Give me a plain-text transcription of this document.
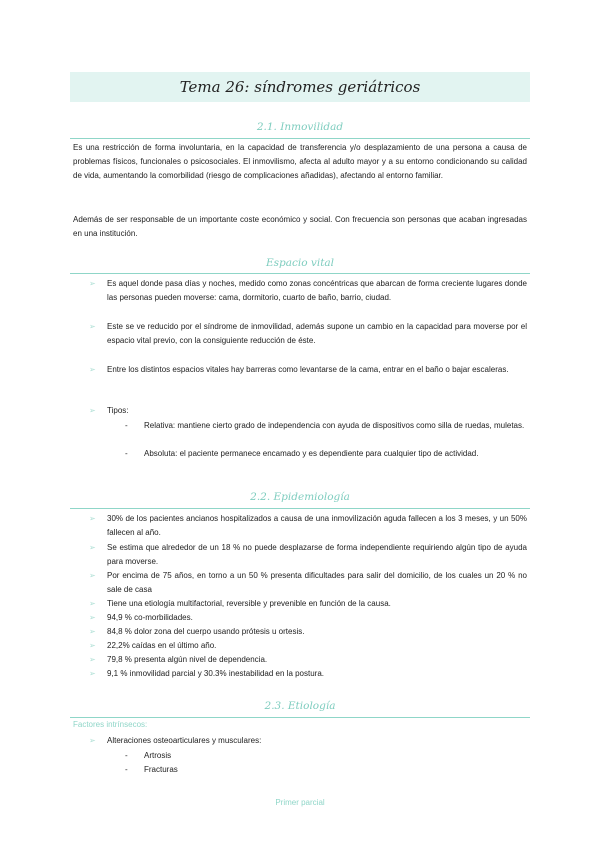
Tema 26: síndromes geriátricos
2.1. Inmovilidad

Es una restricción de forma involuntaria, en la capacidad de transferencia y/o desplazamiento de una persona a causa de problemas físicos, funcionales o psicosociales. El inmovilismo, afecta al adulto mayor y a su entorno condicionando su calidad de vida, aumentando la comorbilidad (riesgo de complicaciones añadidas), afectando al entorno familiar.

Además de ser responsable de un importante coste económico y social. Con frecuencia son personas que acaban ingresadas en una institución.

Espacio vital
➢ Es aquel donde pasa días y noches, medido como zonas concéntricas que abarcan de forma creciente lugares donde las personas pueden moverse: cama, dormitorio, cuarto de baño, barrio, ciudad.
➢ Este se ve reducido por el síndrome de inmovilidad, además supone un cambio en la capacidad para moverse por el espacio vital previo, con la consiguiente reducción de éste.
➢ Entre los distintos espacios vitales hay barreras como levantarse de la cama, entrar en el baño o bajar escaleras.
➢ Tipos:
- Relativa: mantiene cierto grado de independencia con ayuda de dispositivos como silla de ruedas, muletas.
- Absoluta: el paciente permanece encamado y es dependiente para cualquier tipo de actividad.
2.2. Epidemiología
➢ 30% de los pacientes ancianos hospitalizados a causa de una inmovilización aguda fallecen a los 3 meses, y un 50% fallecen al año.
➢ Se estima que alrededor de un 18 % no puede desplazarse de forma independiente requiriendo algún tipo de ayuda para moverse.
➢ Por encima de 75 años, en torno a un 50 % presenta dificultades para salir del domicilio, de los cuales un 20 % no sale de casa
➢ Tiene una etiología multifactorial, reversible y prevenible en función de la causa.
➢ 94,9 % co-morbilidades.
➢ 84,8 % dolor zona del cuerpo usando prótesis u ortesis.
➢ 22,2% caídas en el último año.
➢ 79,8 % presenta algún nivel de dependencia.
➢ 9,1 % inmovilidad parcial y 30.3% inestabilidad en la postura.
2.3. Etiología
Factores intrínsecos:
➢ Alteraciones osteoarticulares y musculares:
- Artrosis
- Fracturas
Primer parcial
